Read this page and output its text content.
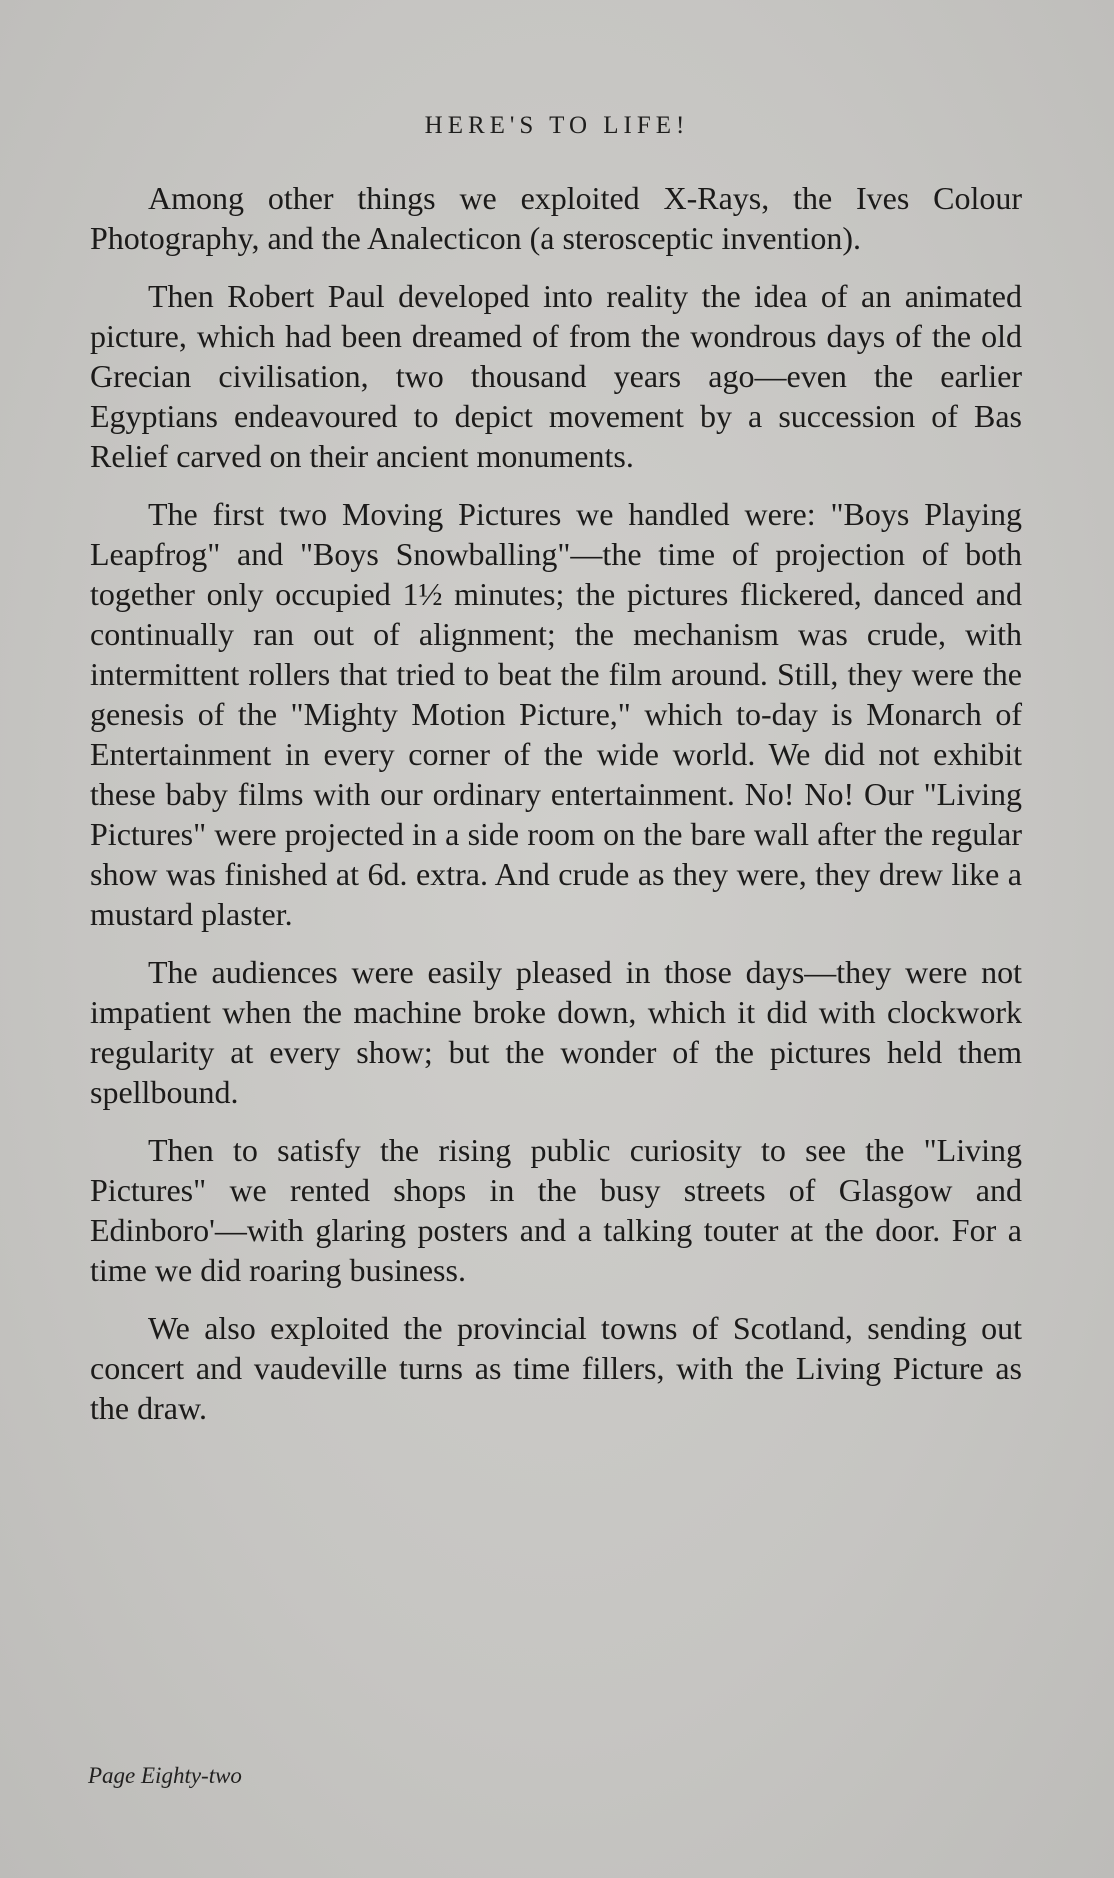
HERE'S TO LIFE!

Among other things we exploited X-Rays, the Ives Colour Photography, and the Analecticon (a sterosceptic invention).

Then Robert Paul developed into reality the idea of an animated picture, which had been dreamed of from the wondrous days of the old Grecian civilisation, two thousand years ago—even the earlier Egyptians endeavoured to depict movement by a succession of Bas Relief carved on their ancient monuments.

The first two Moving Pictures we handled were: "Boys Playing Leapfrog" and "Boys Snowballing"—the time of projection of both together only occupied 1½ minutes; the pictures flickered, danced and continually ran out of alignment; the mechanism was crude, with intermittent rollers that tried to beat the film around. Still, they were the genesis of the "Mighty Motion Picture," which to-day is Monarch of Entertainment in every corner of the wide world. We did not exhibit these baby films with our ordinary entertainment. No! No! Our "Living Pictures" were projected in a side room on the bare wall after the regular show was finished at 6d. extra. And crude as they were, they drew like a mustard plaster.

The audiences were easily pleased in those days—they were not impatient when the machine broke down, which it did with clockwork regularity at every show; but the wonder of the pictures held them spellbound.

Then to satisfy the rising public curiosity to see the "Living Pictures" we rented shops in the busy streets of Glasgow and Edinboro'—with glaring posters and a talking touter at the door. For a time we did roaring business.

We also exploited the provincial towns of Scotland, sending out concert and vaudeville turns as time fillers, with the Living Picture as the draw.

Page Eighty-two
